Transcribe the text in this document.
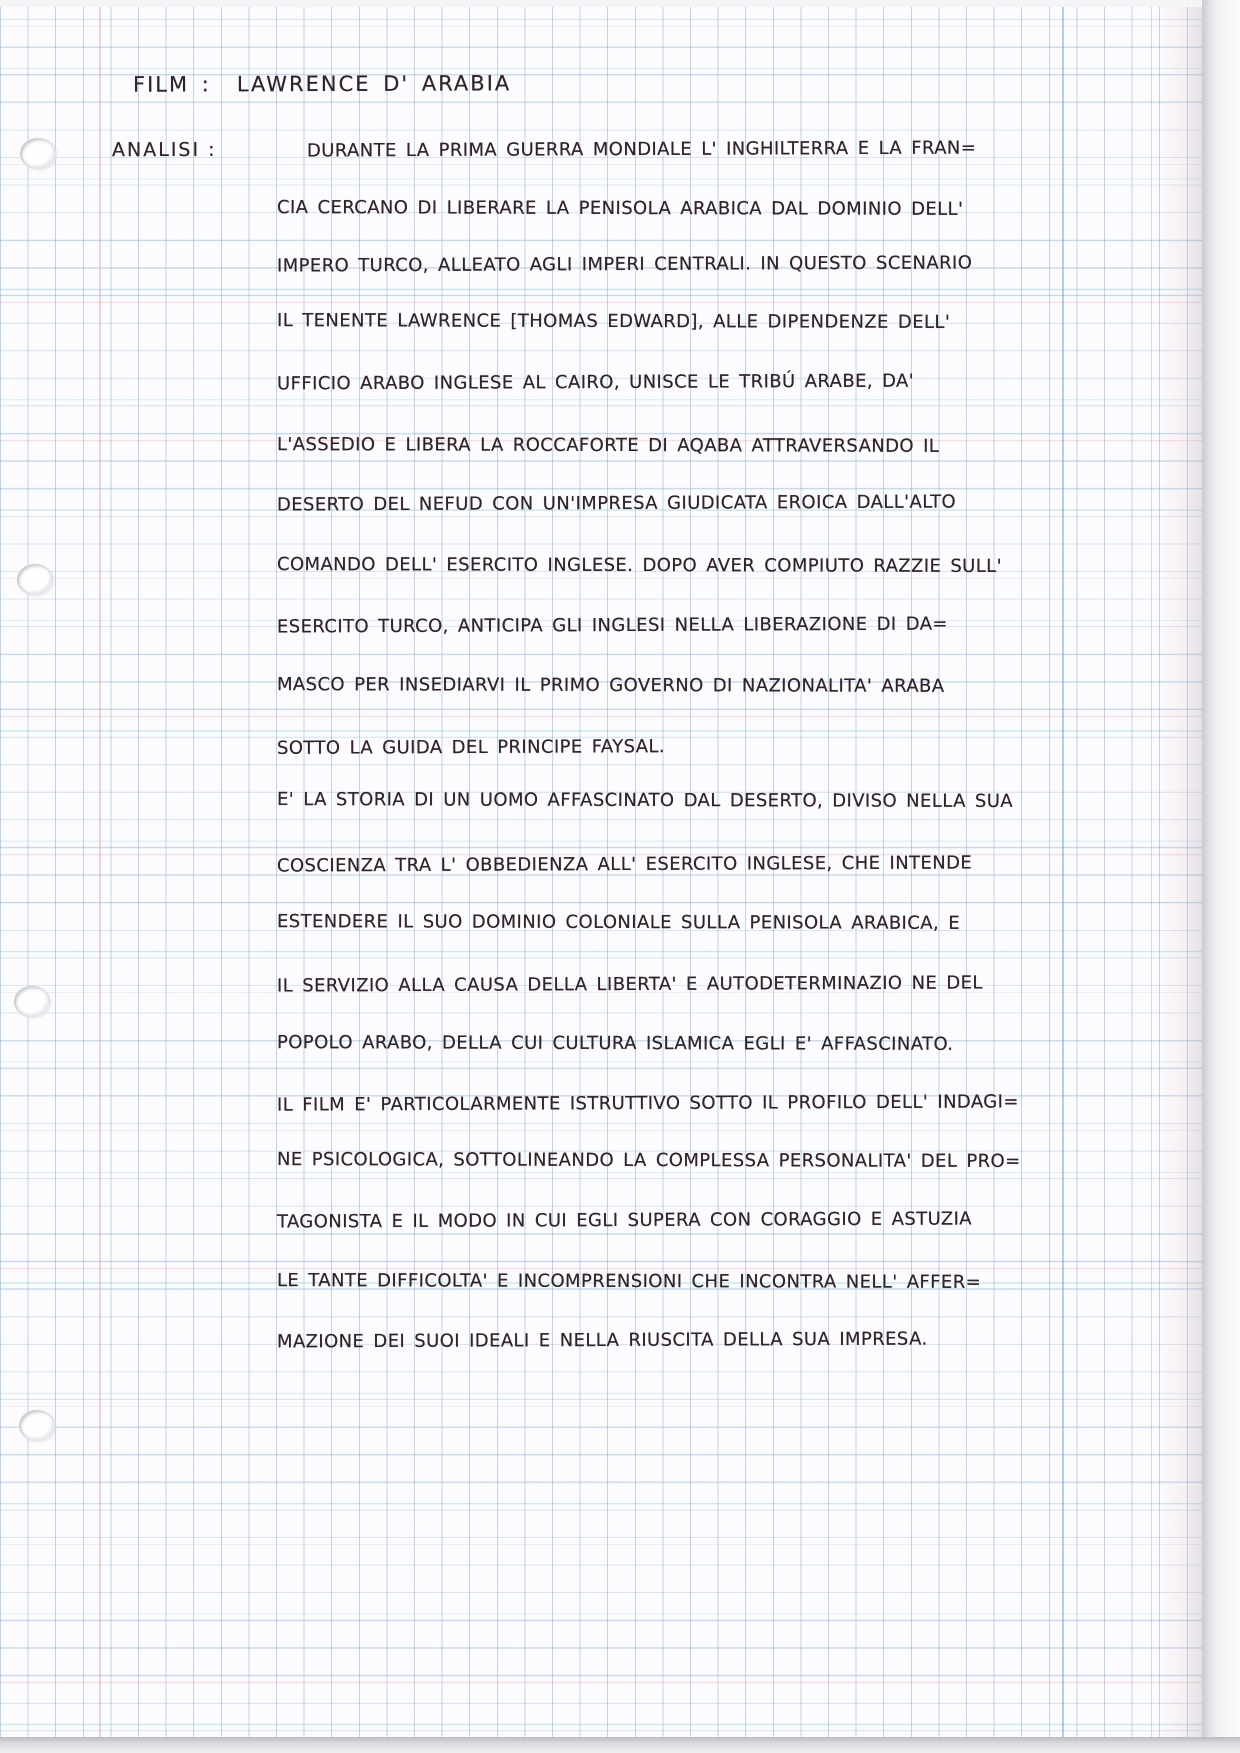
FILM : LAWRENCE D' ARABIA
ANALISI :	DURANTE LA PRIMA GUERRA MONDIALE L' INGHILTERRA E LA FRAN=
CIA CERCANO DI LIBERARE LA PENISOLA ARABICA DAL DOMINIO DELL'
IMPERO TURCO, ALLEATO AGLI IMPERI CENTRALI. IN QUESTO SCENARIO
IL TENENTE LAWRENCE [THOMAS EDWARD], ALLE DIPENDENZE DELL'
UFFICIO ARABO INGLESE AL CAIRO, UNISCE LE TRIBÚ ARABE, DA'
L'ASSEDIO E LIBERA LA ROCCAFORTE DI AQABA ATTRAVERSANDO IL
DESERTO DEL NEFUD CON UN'IMPRESA GIUDICATA EROICA DALL'ALTO
COMANDO DELL' ESERCITO INGLESE. DOPO AVER COMPIUTO RAZZIE SULL'
ESERCITO TURCO, ANTICIPA GLI INGLESI NELLA LIBERAZIONE DI DA=
MASCO PER INSEDIARVI IL PRIMO GOVERNO DI NAZIONALITA' ARABA
SOTTO LA GUIDA DEL PRINCIPE FAYSAL.
E' LA STORIA DI UN UOMO AFFASCINATO DAL DESERTO, DIVISO NELLA SUA
COSCIENZA TRA L' OBBEDIENZA ALL' ESERCITO INGLESE, CHE INTENDE
ESTENDERE IL SUO DOMINIO COLONIALE SULLA PENISOLA ARABICA, E
IL SERVIZIO ALLA CAUSA DELLA LIBERTA' E AUTODETERMINAZIO NE DEL
POPOLO ARABO, DELLA CUI CULTURA ISLAMICA EGLI E' AFFASCINATO.
IL FILM E' PARTICOLARMENTE ISTRUTTIVO SOTTO IL PROFILO DELL' INDAGI=
NE PSICOLOGICA, SOTTOLINEANDO LA COMPLESSA PERSONALITA' DEL PRO=
TAGONISTA E IL MODO IN CUI EGLI SUPERA CON CORAGGIO E ASTUZIA
LE TANTE DIFFICOLTA' E INCOMPRENSIONI CHE INCONTRA NELL' AFFER=
MAZIONE DEI SUOI IDEALI E NELLA RIUSCITA DELLA SUA IMPRESA.
